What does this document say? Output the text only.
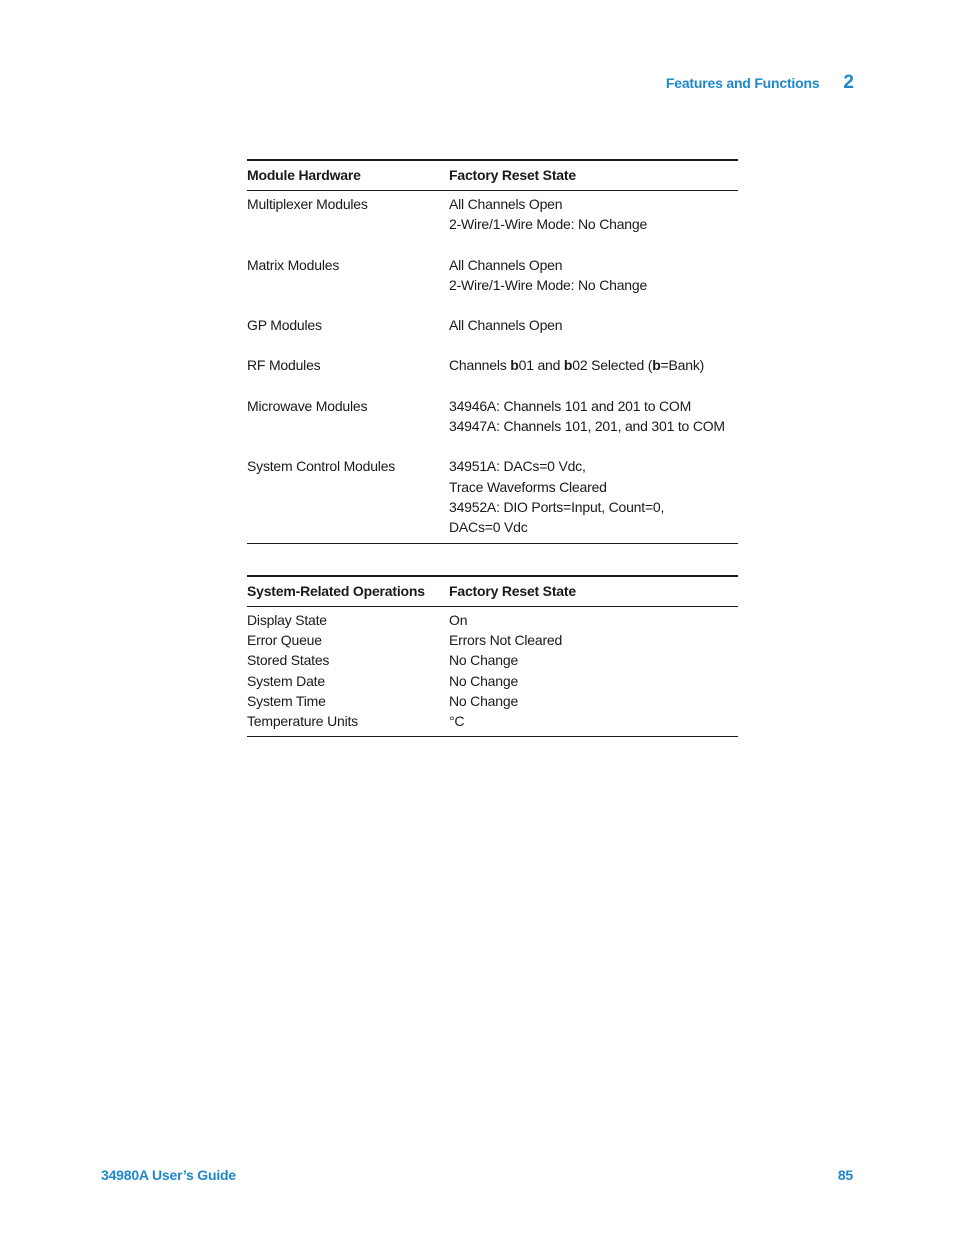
Features and Functions 2
Module Hardware	Factory Reset State
Multiplexer Modules	All Channels Open
2-Wire/1-Wire Mode: No Change

Matrix Modules	All Channels Open
2-Wire/1-Wire Mode: No Change

GP Modules	All Channels Open

RF Modules	Channels b01 and b02 Selected (b=Bank)

Microwave Modules	34946A: Channels 101 and 201 to COM
34947A: Channels 101, 201, and 301 to COM

System Control Modules	34951A: DACs=0 Vdc,
Trace Waveforms Cleared
34952A: DIO Ports=Input, Count=0,
DACs=0 Vdc
System-Related Operations	Factory Reset State
Display State	On
Error Queue	Errors Not Cleared
Stored States	No Change
System Date	No Change
System Time	No Change
Temperature Units	°C
34980A User’s Guide	85
